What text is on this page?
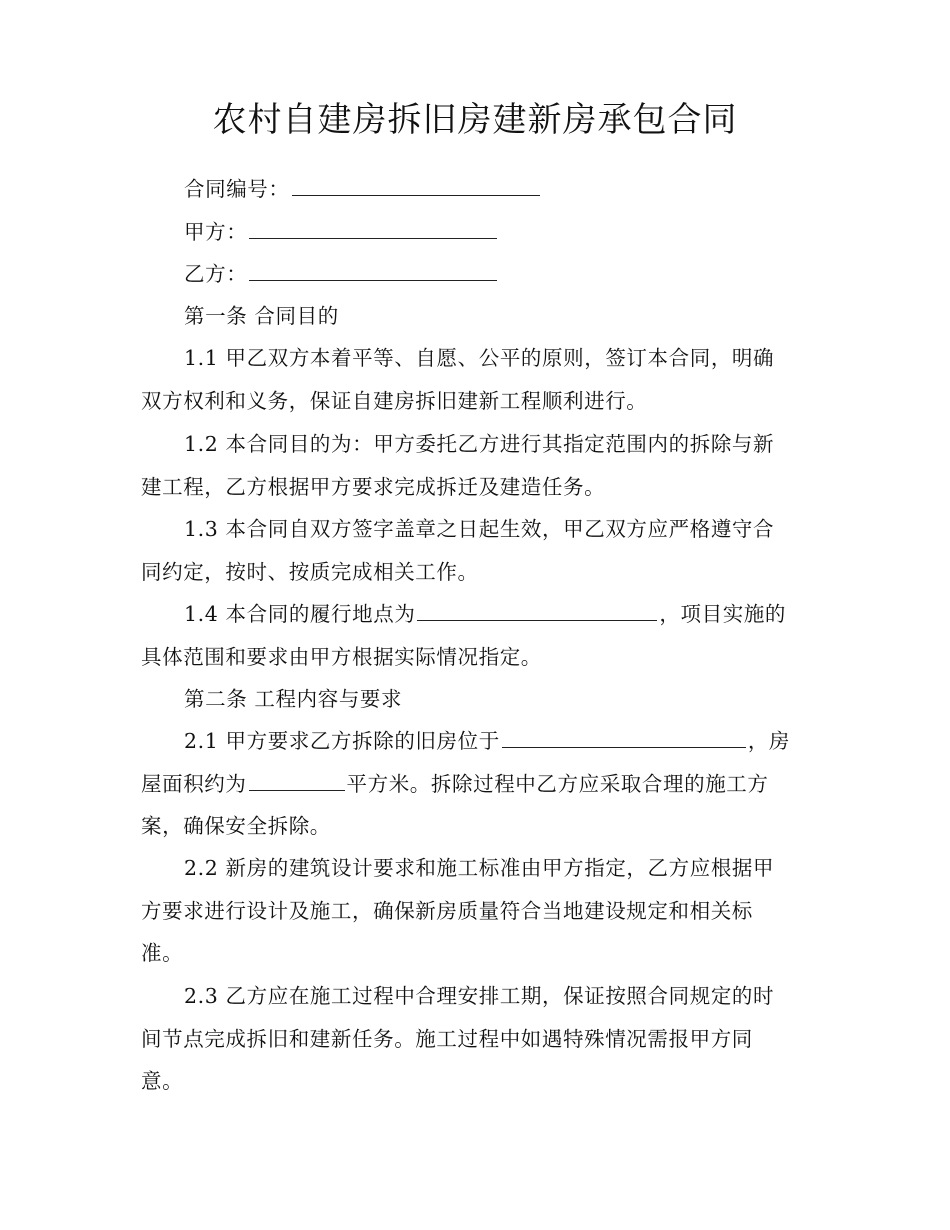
农村自建房拆旧房建新房承包合同
合同编号：
甲方：
乙方：
第一条 合同目的
1.1 甲乙双方本着平等、自愿、公平的原则，签订本合同，明确
双方权利和义务，保证自建房拆旧建新工程顺利进行。
1.2 本合同目的为：甲方委托乙方进行其指定范围内的拆除与新
建工程，乙方根据甲方要求完成拆迁及建造任务。
1.3 本合同自双方签字盖章之日起生效，甲乙双方应严格遵守合
同约定，按时、按质完成相关工作。
1.4 本合同的履行地点为	，项目实施的
具体范围和要求由甲方根据实际情况指定。
第二条 工程内容与要求
2.1 甲方要求乙方拆除的旧房位于	，房
屋面积约为	平方米。拆除过程中乙方应采取合理的施工方
案，确保安全拆除。
2.2 新房的建筑设计要求和施工标准由甲方指定，乙方应根据甲
方要求进行设计及施工，确保新房质量符合当地建设规定和相关标
准。
2.3 乙方应在施工过程中合理安排工期，保证按照合同规定的时
间节点完成拆旧和建新任务。施工过程中如遇特殊情况需报甲方同
意。
